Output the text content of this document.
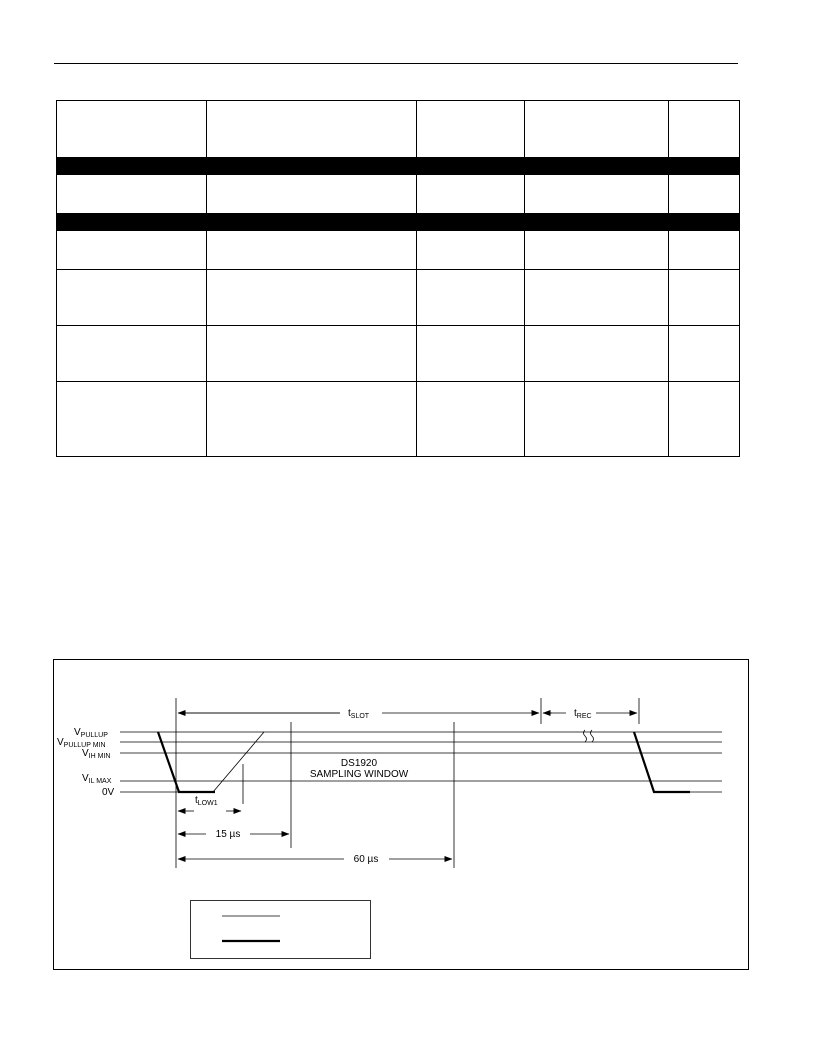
$V_{PULLUP}$
$V_{PULLUP MIN}$
$V_{IH MIN}$
$V_{IL MAX}$
0V
$t_{SLOT}$	$t_{REC}$
DS1920
SAMPLING WINDOW
$t_{LOW1}$
15 µs
60 µs
